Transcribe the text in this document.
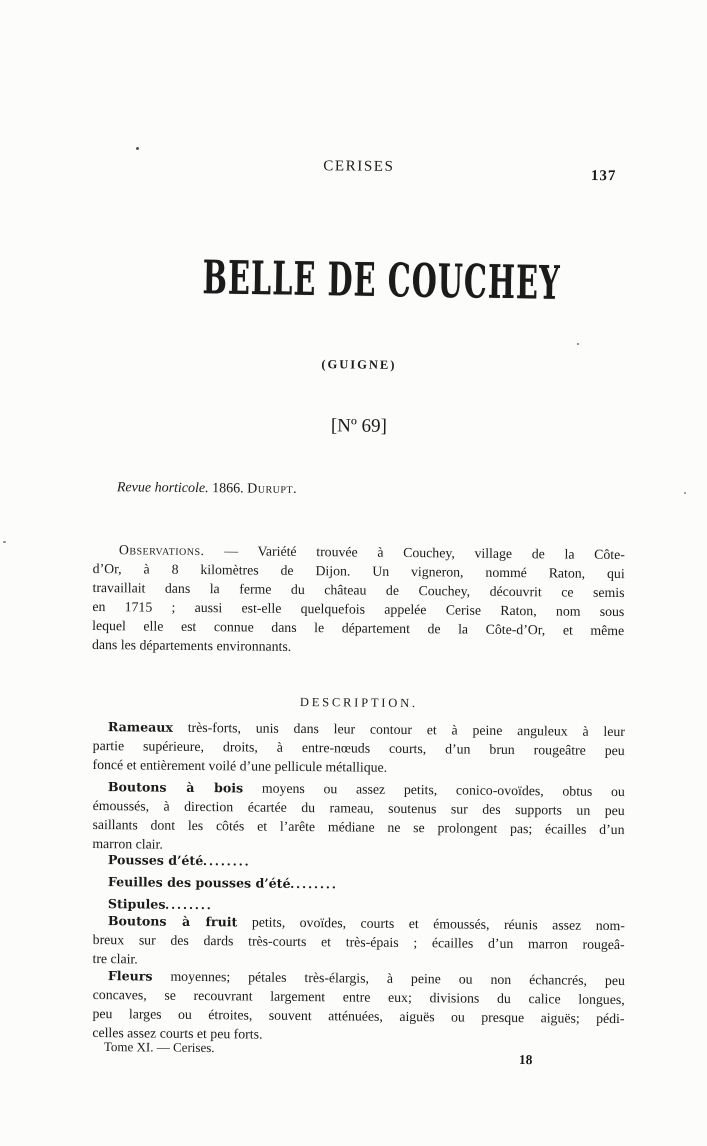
CERISES
137
BELLE DE COUCHEY
(GUIGNE)
[Nº 69]
Revue horticole. 1866. Durupt.
DESCRIPTION.
Observations. — Variété trouvée à Couchey, village de la Côte-
d’Or, à 8 kilomètres de Dijon. Un vigneron, nommé Raton, qui
travaillait dans la ferme du château de Couchey, découvrit ce semis
en 1715 ; aussi est-elle quelquefois appelée Cerise Raton, nom sous
lequel elle est connue dans le département de la Côte-d’Or, et même
dans les départements environnants.
Rameaux très-forts, unis dans leur contour et à peine anguleux à leur
partie supérieure, droits, à entre-nœuds courts, d’un brun rougeâtre peu
foncé et entièrement voilé d’une pellicule métallique.
Boutons à bois moyens ou assez petits, conico-ovoïdes, obtus ou
émoussés, à direction écartée du rameau, soutenus sur des supports un peu
saillants dont les côtés et l’arête médiane ne se prolongent pas; écailles d’un
marron clair.
Pousses d’été........
Feuilles des pousses d’été........
Stipules........
Boutons à fruit petits, ovoïdes, courts et émoussés, réunis assez nom-
breux sur des dards très-courts et très-épais ; écailles d’un marron rougeâ-
tre clair.
Fleurs moyennes; pétales très-élargis, à peine ou non échancrés, peu
concaves, se recouvrant largement entre eux; divisions du calice longues,
peu larges ou étroites, souvent atténuées, aiguës ou presque aiguës; pédi-
celles assez courts et peu forts.
Tome XI. — Cerises.
18
